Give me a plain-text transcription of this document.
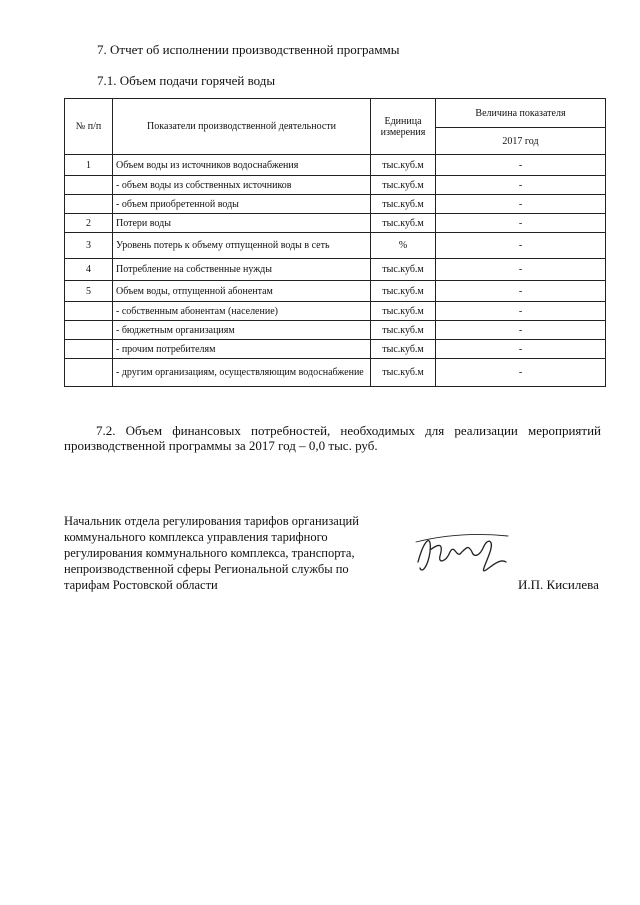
7. Отчет об исполнении производственной программы
7.1. Объем подачи горячей воды
№ п/п	Показатели производственной деятельности	Единица измерения	Величина показателя
			2017 год
1	Объем воды из источников водоснабжения	тыс.куб.м	-
	- объем воды из собственных источников	тыс.куб.м	-
	- объем приобретенной воды	тыс.куб.м	-
2	Потери воды	тыс.куб.м	-
3	Уровень потерь к объему отпущенной воды в сеть	%	-
4	Потребление на собственные нужды	тыс.куб.м	-
5	Объем воды, отпущенной абонентам	тыс.куб.м	-
	- собственным абонентам (население)	тыс.куб.м	-
	- бюджетным организациям	тыс.куб.м	-
	- прочим потребителям	тыс.куб.м	-
	- другим организациям, осуществляющим водоснабжение	тыс.куб.м	-
7.2. Объем финансовых потребностей, необходимых для реализации мероприятий производственной программы за 2017 год – 0,0 тыс. руб.
Начальник отдела регулирования тарифов организаций
коммунального комплекса управления тарифного
регулирования коммунального комплекса, транспорта,
непроизводственной сферы Региональной службы по
тарифам Ростовской области	И.П. Кисилева
